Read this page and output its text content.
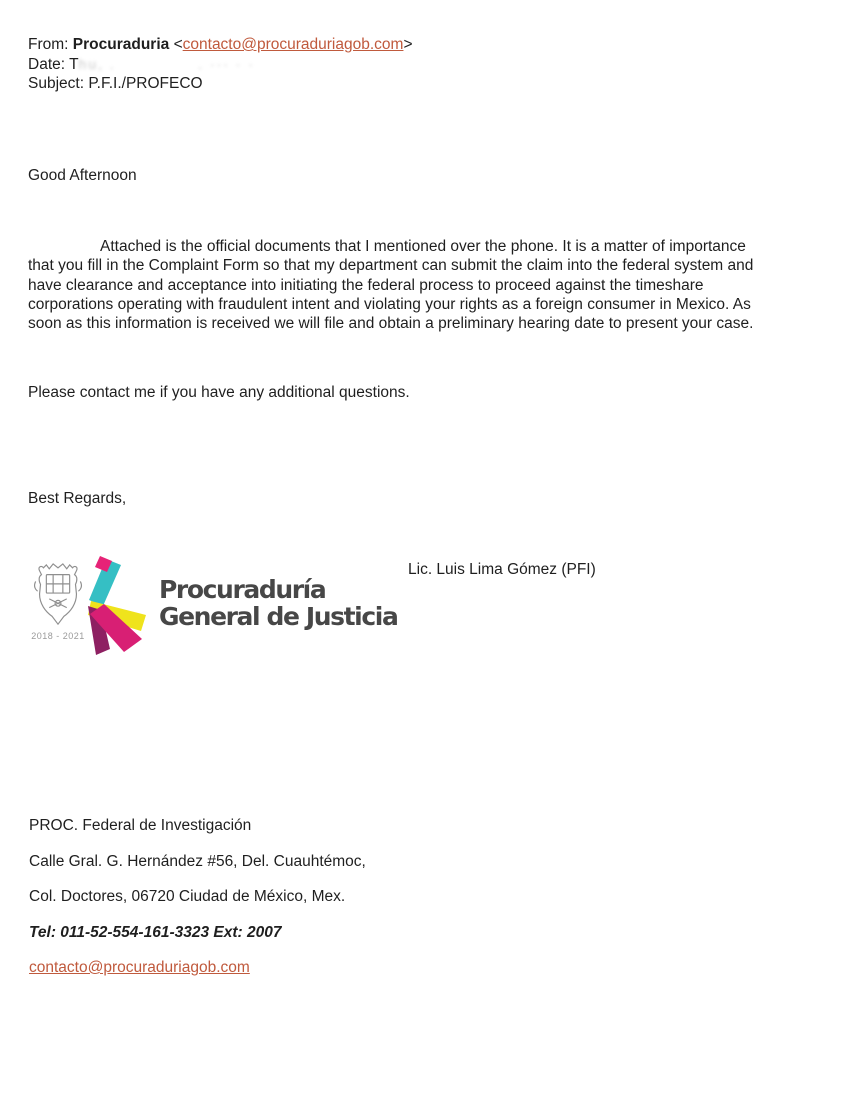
From: Procuraduria <contacto@procuraduriagob.com>
Date: Thu, .	. ··· · ·
Subject: P.F.I./PROFECO
Good Afternoon
Attached is the official documents that I mentioned over the phone. It is a matter of importance
that you fill in the Complaint Form so that my department can submit the claim into the federal system and
have clearance and acceptance into initiating the federal process to proceed against the timeshare
corporations operating with fraudulent intent and violating your rights as a foreign consumer in Mexico. As
soon as this information is received we will file and obtain a preliminary hearing date to present your case.
Please contact me if you have any additional questions.
Best Regards,
Lic. Luis Lima Gómez (PFI)
2018 - 2021
Procuraduría
General de Justicia

PROC. Federal de Investigación

Calle Gral. G. Hernández #56, Del. Cuauhtémoc,

Col. Doctores, 06720 Ciudad de México, Mex.

Tel: 011-52-554-161-3323 Ext: 2007

contacto@procuraduriagob.com
